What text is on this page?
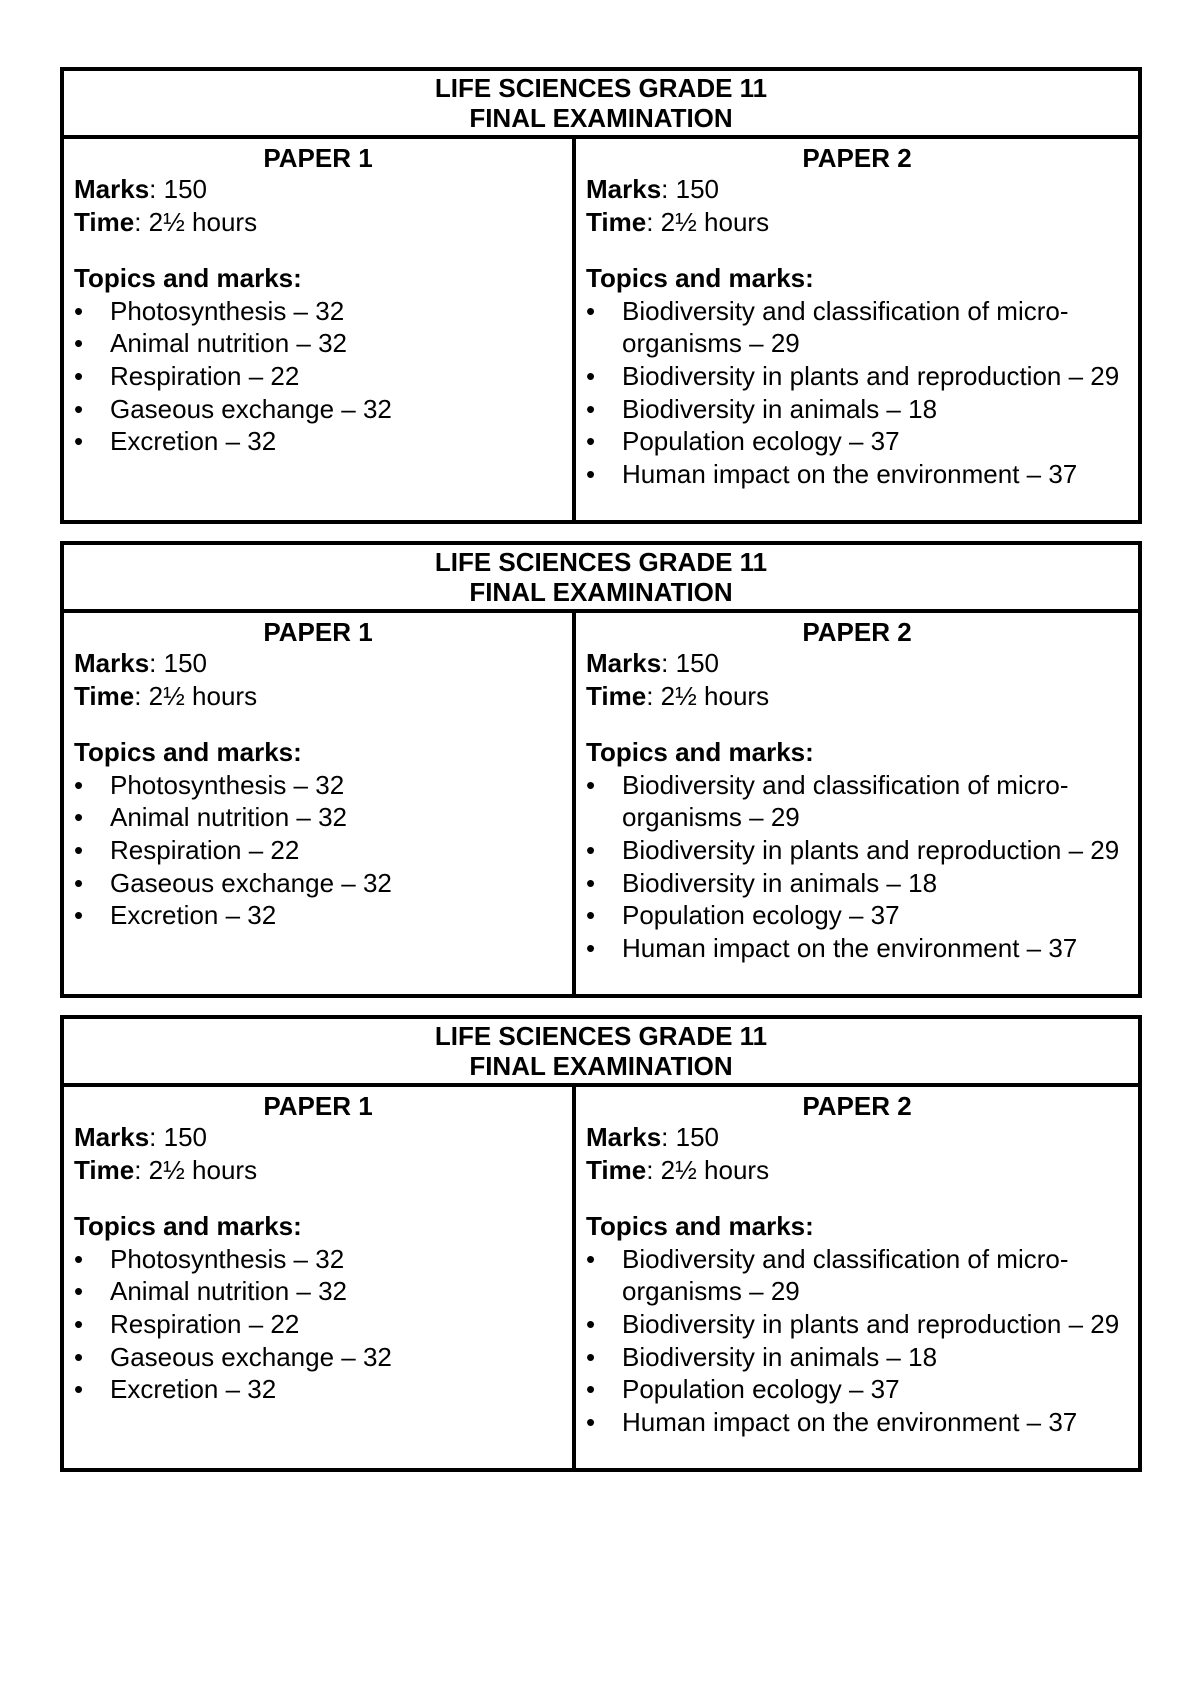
LIFE SCIENCES GRADE 11
FINAL EXAMINATION
PAPER 1
Marks: 150
Time: 2½ hours
Topics and marks:
• Photosynthesis – 32
• Animal nutrition – 32
• Respiration – 22
• Gaseous exchange – 32
• Excretion – 32
PAPER 2
Marks: 150
Time: 2½ hours
Topics and marks:
• Biodiversity and classification of micro-organisms – 29
• Biodiversity in plants and reproduction – 29
• Biodiversity in animals – 18
• Population ecology – 37
• Human impact on the environment – 37
LIFE SCIENCES GRADE 11
FINAL EXAMINATION
PAPER 1
Marks: 150
Time: 2½ hours
Topics and marks:
• Photosynthesis – 32
• Animal nutrition – 32
• Respiration – 22
• Gaseous exchange – 32
• Excretion – 32
PAPER 2
Marks: 150
Time: 2½ hours
Topics and marks:
• Biodiversity and classification of micro-organisms – 29
• Biodiversity in plants and reproduction – 29
• Biodiversity in animals – 18
• Population ecology – 37
• Human impact on the environment – 37
LIFE SCIENCES GRADE 11
FINAL EXAMINATION
PAPER 1
Marks: 150
Time: 2½ hours
Topics and marks:
• Photosynthesis – 32
• Animal nutrition – 32
• Respiration – 22
• Gaseous exchange – 32
• Excretion – 32
PAPER 2
Marks: 150
Time: 2½ hours
Topics and marks:
• Biodiversity and classification of micro-organisms – 29
• Biodiversity in plants and reproduction – 29
• Biodiversity in animals – 18
• Population ecology – 37
• Human impact on the environment – 37
